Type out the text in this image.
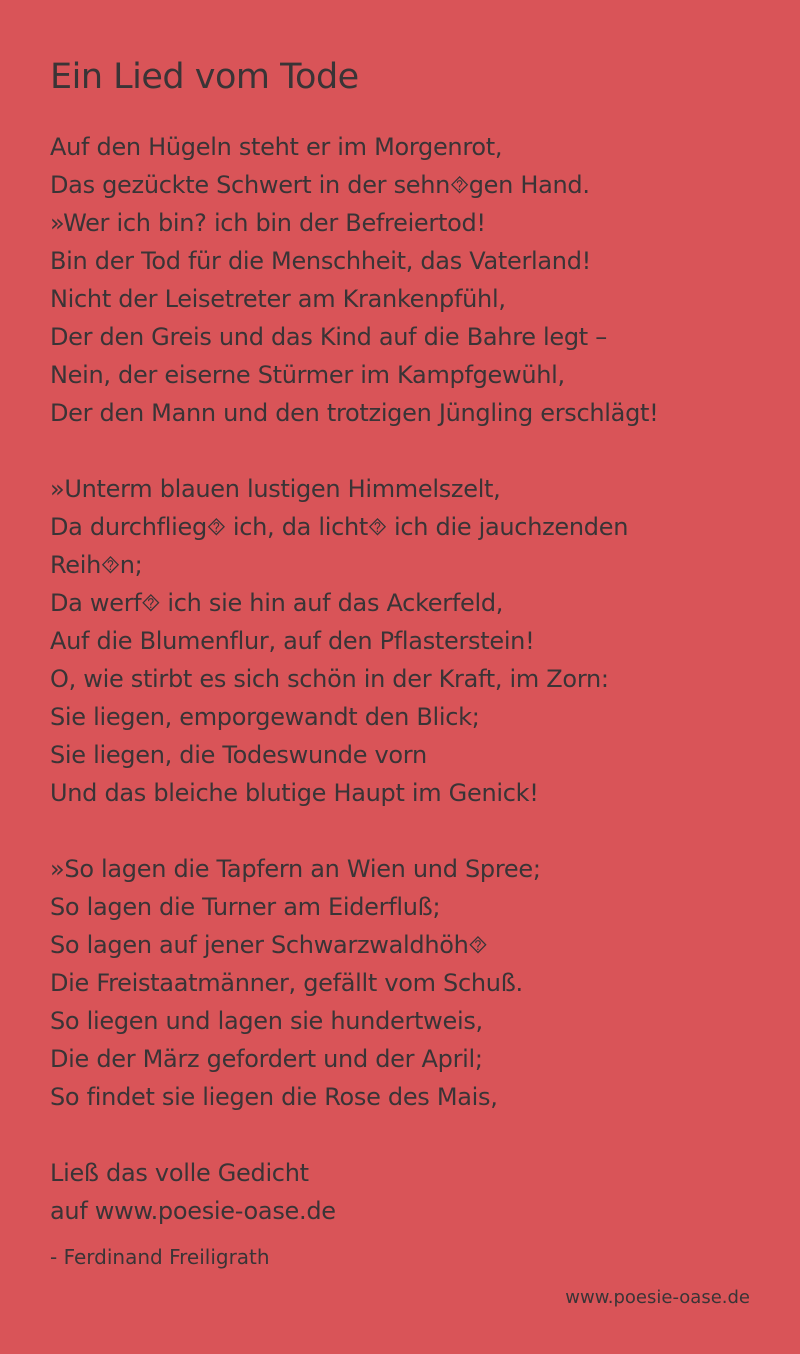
Ein Lied vom Tode
Auf den Hügeln steht er im Morgenrot,
Das gezückte Schwert in der sehn⯑gen Hand.
»Wer ich bin? ich bin der Befreiertod!
Bin der Tod für die Menschheit, das Vaterland!
Nicht der Leisetreter am Krankenpfühl,
Der den Greis und das Kind auf die Bahre legt –
Nein, der eiserne Stürmer im Kampfgewühl,
Der den Mann und den trotzigen Jüngling erschlägt!
»Unterm blauen lustigen Himmelszelt,
Da durchflieg⯑ ich, da licht⯑ ich die jauchzenden
Reih⯑n;
Da werf⯑ ich sie hin auf das Ackerfeld,
Auf die Blumenflur, auf den Pflasterstein!
O, wie stirbt es sich schön in der Kraft, im Zorn:
Sie liegen, emporgewandt den Blick;
Sie liegen, die Todeswunde vorn
Und das bleiche blutige Haupt im Genick!
»So lagen die Tapfern an Wien und Spree;
So lagen die Turner am Eiderfluß;
So lagen auf jener Schwarzwaldhöh⯑
Die Freistaatmänner, gefällt vom Schuß.
So liegen und lagen sie hundertweis,
Die der März gefordert und der April;
So findet sie liegen die Rose des Mais,
Ließ das volle Gedicht
auf www.poesie-oase.de
- Ferdinand Freiligrath
www.poesie-oase.de
